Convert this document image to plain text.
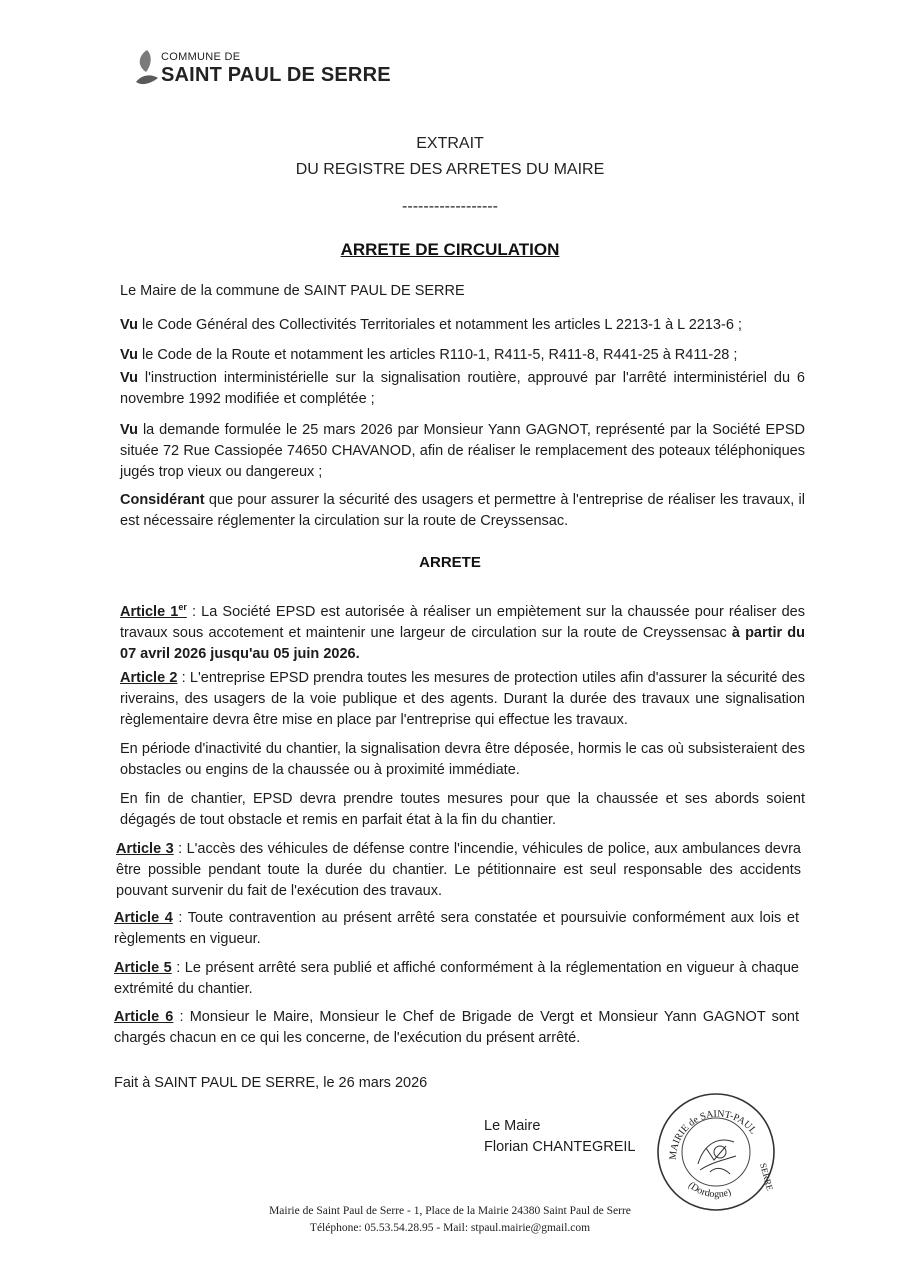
COMMUNE DE
SAINT PAUL DE SERRE
EXTRAIT
DU REGISTRE DES ARRETES DU MAIRE
------------------
ARRETE DE CIRCULATION
Le Maire de la commune de SAINT PAUL DE SERRE
Vu le Code Général des Collectivités Territoriales et notamment les articles L 2213-1 à L 2213-6 ;
Vu le Code de la Route et notamment les articles R110-1, R411-5, R411-8, R441-25 à R411-28 ;
Vu l'instruction interministérielle sur la signalisation routière, approuvé par l'arrêté interministériel du 6 novembre 1992 modifiée et complétée ;
Vu la demande formulée le 25 mars 2026 par Monsieur Yann GAGNOT, représenté par la Société EPSD située 72 Rue Cassiopée 74650 CHAVANOD, afin de réaliser le remplacement des poteaux téléphoniques jugés trop vieux ou dangereux ;
Considérant que pour assurer la sécurité des usagers et permettre à l'entreprise de réaliser les travaux, il est nécessaire réglementer la circulation sur la route de Creyssensac.
ARRETE
Article 1er : La Société EPSD est autorisée à réaliser un empiètement sur la chaussée pour réaliser des travaux sous accotement et maintenir une largeur de circulation sur la route de Creyssensac à partir du 07 avril 2026 jusqu'au 05 juin 2026.
Article 2 : L'entreprise EPSD prendra toutes les mesures de protection utiles afin d'assurer la sécurité des riverains, des usagers de la voie publique et des agents. Durant la durée des travaux une signalisation règlementaire devra être mise en place par l'entreprise qui effectue les travaux.
En période d'inactivité du chantier, la signalisation devra être déposée, hormis le cas où subsisteraient des obstacles ou engins de la chaussée ou à proximité immédiate.
En fin de chantier, EPSD devra prendre toutes mesures pour que la chaussée et ses abords soient dégagés de tout obstacle et remis en parfait état à la fin du chantier.
Article 3 : L'accès des véhicules de défense contre l'incendie, véhicules de police, aux ambulances devra être possible pendant toute la durée du chantier. Le pétitionnaire est seul responsable des accidents pouvant survenir du fait de l'exécution des travaux.
Article 4 : Toute contravention au présent arrêté sera constatée et poursuivie conformément aux lois et règlements en vigueur.
Article 5 : Le présent arrêté sera publié et affiché conformément à la réglementation en vigueur à chaque extrémité du chantier.
Article 6 : Monsieur le Maire, Monsieur le Chef de Brigade de Vergt et Monsieur Yann GAGNOT sont chargés chacun en ce qui les concerne, de l'exécution du présent arrêté.
Fait à SAINT PAUL DE SERRE, le 26 mars 2026
Le Maire
Florian CHANTEGREIL
MAIRIE de SAINT-PAUL
SERRE
(Dordogne)
Mairie de Saint Paul de Serre - 1, Place de la Mairie 24380 Saint Paul de Serre
Téléphone: 05.53.54.28.95 - Mail: stpaul.mairie@gmail.com
